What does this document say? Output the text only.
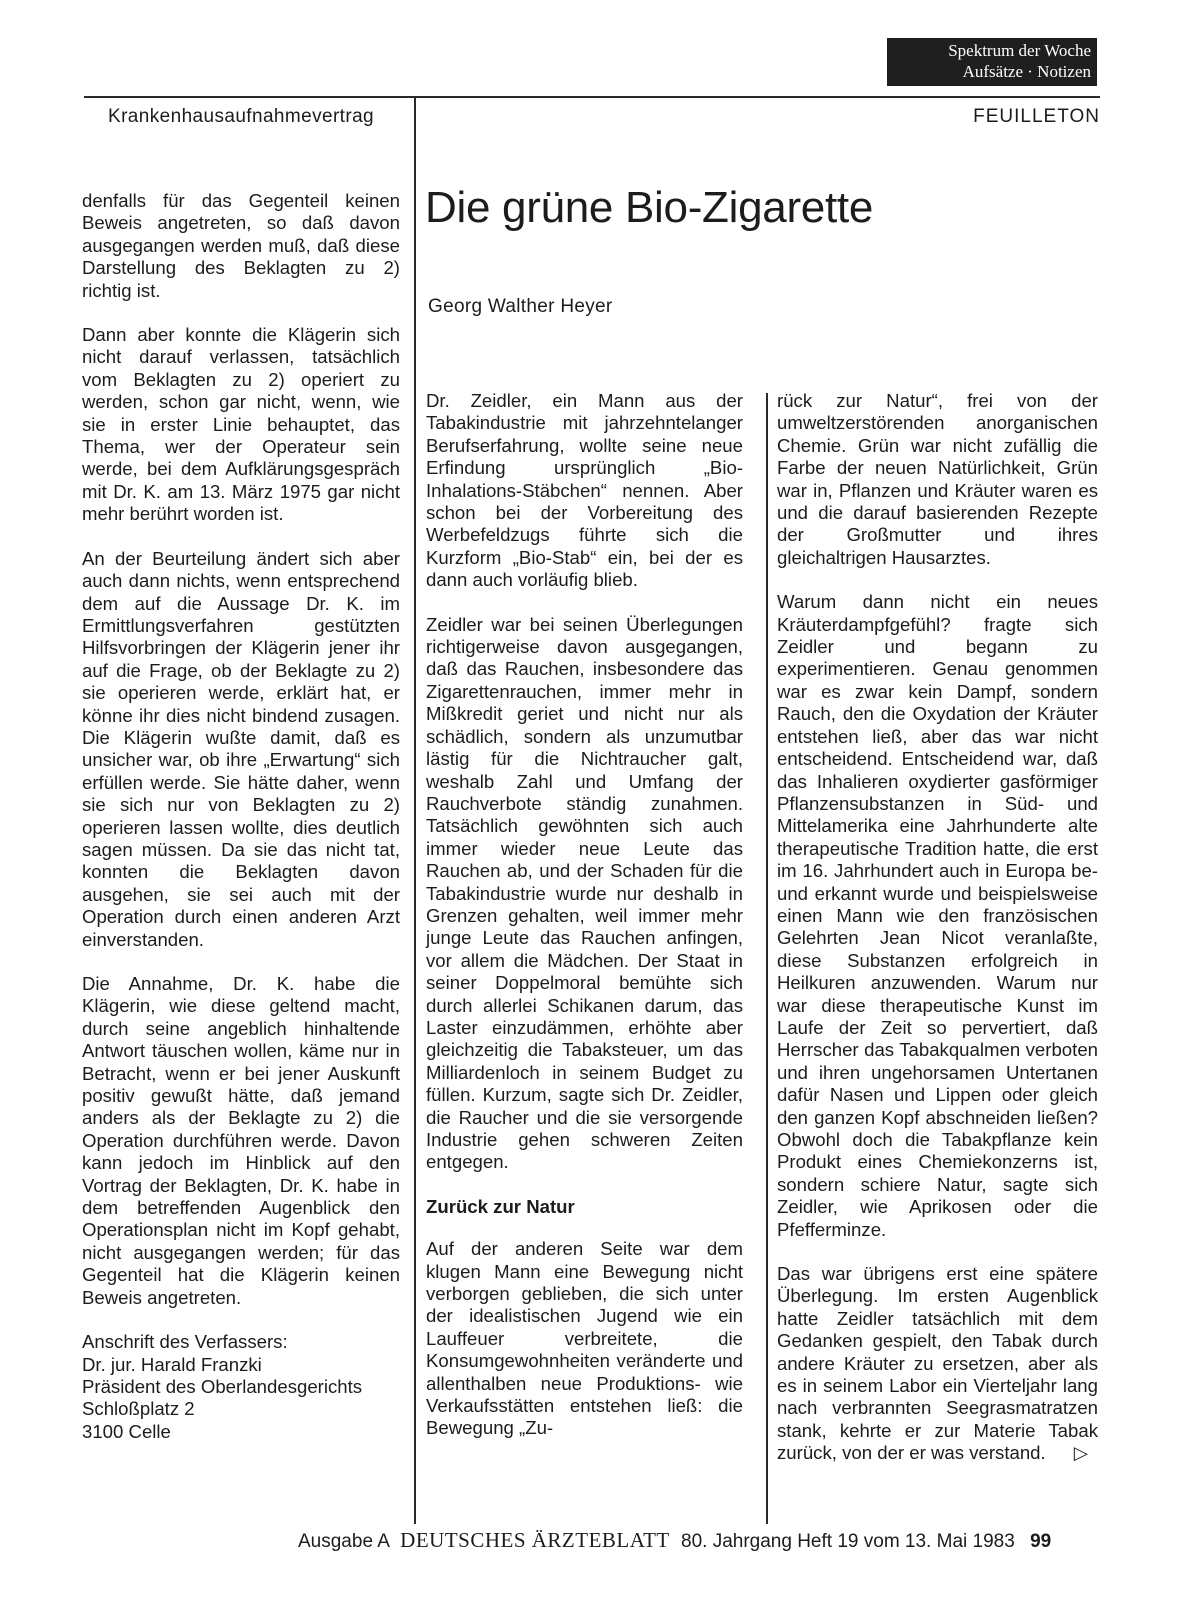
Spektrum der Woche
Aufsätze · Notizen
Krankenhausaufnahmevertrag	FEUILLETON

denfalls für das Gegenteil keinen Beweis angetreten, so daß davon ausgegangen werden muß, daß diese Darstellung des Beklagten zu 2) richtig ist.

Dann aber konnte die Klägerin sich nicht darauf verlassen, tatsächlich vom Beklagten zu 2) operiert zu werden, schon gar nicht, wenn, wie sie in erster Linie behauptet, das Thema, wer der Operateur sein werde, bei dem Aufklärungsgespräch mit Dr. K. am 13. März 1975 gar nicht mehr berührt worden ist.

An der Beurteilung ändert sich aber auch dann nichts, wenn entsprechend dem auf die Aussage Dr. K. im Ermittlungsverfahren gestützten Hilfsvorbringen der Klägerin jener ihr auf die Frage, ob der Beklagte zu 2) sie operieren werde, erklärt hat, er könne ihr dies nicht bindend zusagen. Die Klägerin wußte damit, daß es unsicher war, ob ihre „Erwartung“ sich erfüllen werde. Sie hätte daher, wenn sie sich nur von Beklagten zu 2) operieren lassen wollte, dies deutlich sagen müssen. Da sie das nicht tat, konnten die Beklagten davon ausgehen, sie sei auch mit der Operation durch einen anderen Arzt einverstanden.

Die Annahme, Dr. K. habe die Klägerin, wie diese geltend macht, durch seine angeblich hinhaltende Antwort täuschen wollen, käme nur in Betracht, wenn er bei jener Auskunft positiv gewußt hätte, daß jemand anders als der Beklagte zu 2) die Operation durchführen werde. Davon kann jedoch im Hinblick auf den Vortrag der Beklagten, Dr. K. habe in dem betreffenden Augenblick den Operationsplan nicht im Kopf gehabt, nicht ausgegangen werden; für das Gegenteil hat die Klägerin keinen Beweis angetreten.

Anschrift des Verfassers:
Dr. jur. Harald Franzki
Präsident des Oberlandesgerichts
Schloßplatz 2
3100 Celle
Die grüne Bio-Zigarette
Georg Walther Heyer

Dr. Zeidler, ein Mann aus der Tabakindustrie mit jahrzehntelanger Berufserfahrung, wollte seine neue Erfindung ursprünglich „Bio-Inhalations-Stäbchen“ nennen. Aber schon bei der Vorbereitung des Werbefeldzugs führte sich die Kurzform „Bio-Stab“ ein, bei der es dann auch vorläufig blieb.

Zeidler war bei seinen Überlegungen richtigerweise davon ausgegangen, daß das Rauchen, insbesondere das Zigarettenrauchen, immer mehr in Mißkredit geriet und nicht nur als schädlich, sondern als unzumutbar lästig für die Nichtraucher galt, weshalb Zahl und Umfang der Rauchverbote ständig zunahmen. Tatsächlich gewöhnten sich auch immer wieder neue Leute das Rauchen ab, und der Schaden für die Tabakindustrie wurde nur deshalb in Grenzen gehalten, weil immer mehr junge Leute das Rauchen anfingen, vor allem die Mädchen. Der Staat in seiner Doppelmoral bemühte sich durch allerlei Schikanen darum, das Laster einzudämmen, erhöhte aber gleichzeitig die Tabaksteuer, um das Milliardenloch in seinem Budget zu füllen. Kurzum, sagte sich Dr. Zeidler, die Raucher und die sie versorgende Industrie gehen schweren Zeiten entgegen.

Zurück zur Natur

Auf der anderen Seite war dem klugen Mann eine Bewegung nicht verborgen geblieben, die sich unter der idealistischen Jugend wie ein Lauffeuer verbreitete, die Konsumgewohnheiten veränderte und allenthalben neue Produktions- wie Verkaufsstätten entstehen ließ: die Bewegung „Zu-

rück zur Natur“, frei von der umweltzerstörenden anorganischen Chemie. Grün war nicht zufällig die Farbe der neuen Natürlichkeit, Grün war in, Pflanzen und Kräuter waren es und die darauf basierenden Rezepte der Großmutter und ihres gleichaltrigen Hausarztes.

Warum dann nicht ein neues Kräuterdampfgefühl? fragte sich Zeidler und begann zu experimentieren. Genau genommen war es zwar kein Dampf, sondern Rauch, den die Oxydation der Kräuter entstehen ließ, aber das war nicht entscheidend. Entscheidend war, daß das Inhalieren oxydierter gasförmiger Pflanzensubstanzen in Süd- und Mittelamerika eine Jahrhunderte alte therapeutische Tradition hatte, die erst im 16. Jahrhundert auch in Europa be- und erkannt wurde und beispielsweise einen Mann wie den französischen Gelehrten Jean Nicot veranlaßte, diese Substanzen erfolgreich in Heilkuren anzuwenden. Warum nur war diese therapeutische Kunst im Laufe der Zeit so pervertiert, daß Herrscher das Tabakqualmen verboten und ihren ungehorsamen Untertanen dafür Nasen und Lippen oder gleich den ganzen Kopf abschneiden ließen? Obwohl doch die Tabakpflanze kein Produkt eines Chemiekonzerns ist, sondern schiere Natur, sagte sich Zeidler, wie Aprikosen oder die Pfefferminze.

Das war übrigens erst eine spätere Überlegung. Im ersten Augenblick hatte Zeidler tatsächlich mit dem Gedanken gespielt, den Tabak durch andere Kräuter zu ersetzen, aber als es in seinem Labor ein Vierteljahr lang nach verbrannten Seegrasmatratzen stank, kehrte er zur Materie Tabak zurück, von der er was verstand. ▷

Ausgabe A DEUTSCHES ÄRZTEBLATT 80. Jahrgang Heft 19 vom 13. Mai 1983 99
